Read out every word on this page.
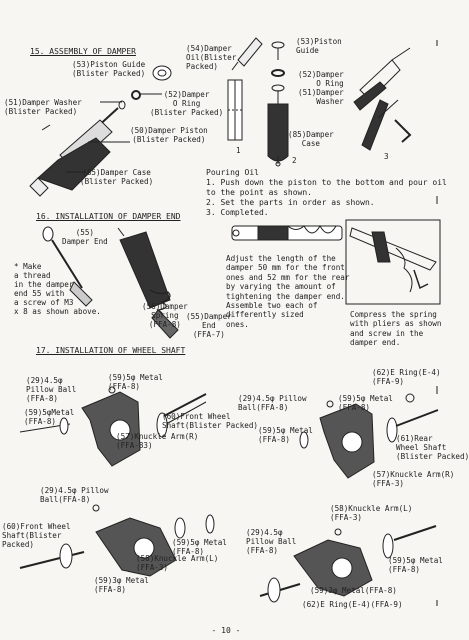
15. ASSEMBLY OF DAMPER
(53)Piston Guide
(Blister Packed)
(52)Damper
O Ring
(Blister Packed)
(51)Damper Washer
(Blister Packed)
(50)Damper Piston
(Blister Packed)
(85)Damper Case
(Blister Packed)
(54)Damper
Oil(Blister
Packed)
(53)Piston
Guide
(52)Damper
O Ring
(51)Damper
Washer
(85)Damper
Case
1
2	3
Pouring Oil
1. Push down the piston to the bottom and pour oil
to the point as shown.
2. Set the parts in order as shown.
3. Completed.
16. INSTALLATION OF DAMPER END
(55)
Damper End
* Make
a thread
in the damper
end 55 with
a screw of M3
x 8 as shown above.
(56)Damper
Spring
(FFA-8)
(55)Damper
End
(FFA-7)
Adjust the length of the
damper 50 mm for the front
ones and 52 mm for the rear
by varying the amount of
tightening the damper end.
Assemble two each of
differently sized
ones.
Compress the spring
with pliers as shown
and screw in the
damper end.
17. INSTALLATION OF WHEEL SHAFT
(29)4.5φ
Pillow Ball
(FFA-8)
(59)5φ Metal
(FFA-8)
(59)5φMetal
(FFA-8)
(60)Front Wheel
Shaft(Blister Packed)
(57)Knuckle Arm(R)
(FFA-83)
(62)E Ring(E-4)
(FFA-9)
(29)4.5φ Pillow
Ball(FFA-8)
(59)5φ Metal
(FFA-8)
(59)5φ Metal
(FFA-8)	(61)Rear
Wheel Shaft
(Blister Packed)
(57)Knuckle Arm(R)
(FFA-3)
(29)4.5φ Pillow
Ball(FFA-8)
(60)Front Wheel
Shaft(Blister
Packed)	(59)5φ Metal
(FFA-8)
(58)Knuckle Arm(L)
(FFA-3)
(59)3φ Metal
(FFA-8)
(58)Knuckle Arm(L)
(FFA-3)
(29)4.5φ
Pillow Ball
(FFA-8)
(59)5φ Metal
(FFA-8)
(59)3φ Metal(FFA-8)
(62)E Ring(E-4)(FFA-9)
- 10 -
